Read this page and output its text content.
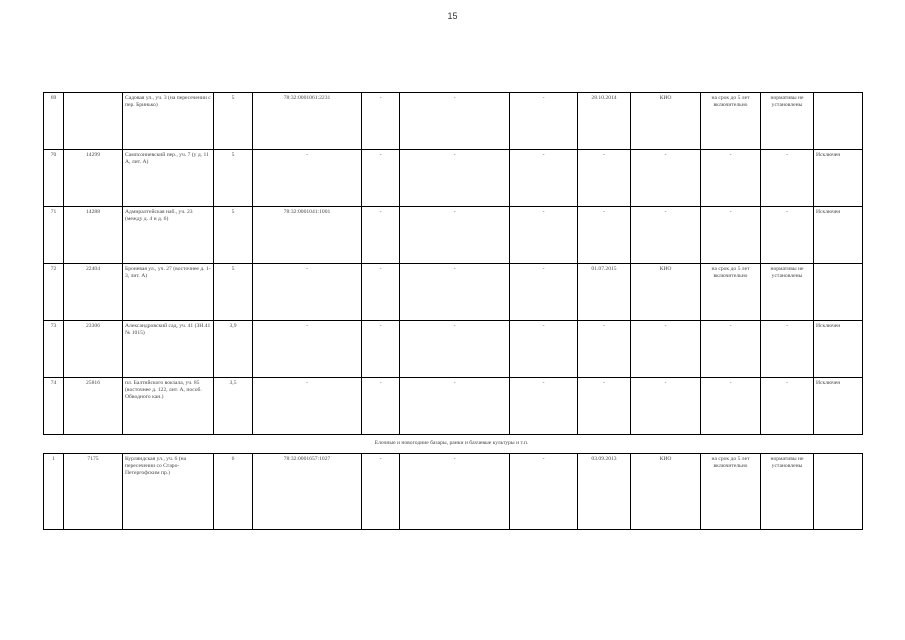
15
69		Садовая ул., уч. 3 (на пересечении с пер. Бринько)	5	78:32:0001061:2231	-	-	-	28.10.2014	КИО	на срок до 5 лет включительно	нормативы не установлены	
70	14299	Сампсониевский пер., уч. 7 (у д. 11 А, лит. А)	5	-	-	-	-	-	-	-	-	Исключен
71	14288	Адмиралтейская наб., уч. 23 (между д. 4 и д. 6)	5	78:32:0001041:1001	-	-	-	-	-	-	-	Исключен
72	22404	Броневая ул., уч. 27 (восточнее д. 1-3, лит. А)	5	-	-	-	-	01.07.2015	КИО	на срок до 5 лет включительно	нормативы не установлены	
73	23306	Александровский сад, уч. 41 (ЗН.41 № 1015)	3,9	-	-	-	-	-	-	-	-	Исключен
74	25816	пл. Балтийского вокзала, уч. 85 (восточнее д. 122, лит. А, пособ. Обводного кан.)	3,5	-	-	-	-	-	-	-	-	Исключен
Елочные и новогодние базары, ранки и бахчевые культуры и т.п.
1	7175	Курляндская ул., уч. 6 (на пересечении со Старо-Петергофским пр.)	6	78:32:0001657:1027	-	-	-	03.09.2013	КИО	на срок до 5 лет включительно	нормативы не установлены	
